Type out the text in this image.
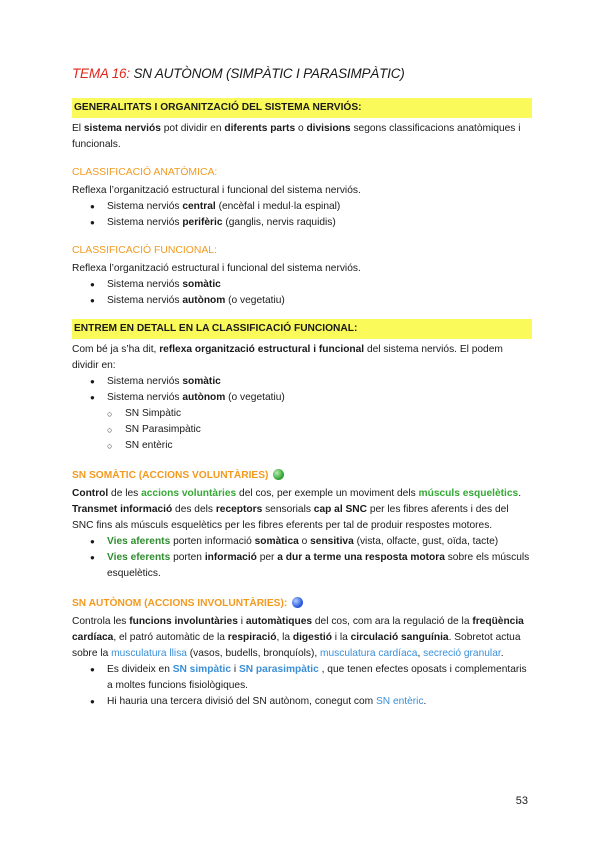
TEMA 16: SN AUTÒNOM (SIMPÀTIC I PARASIMPÀTIC)
GENERALITATS I ORGANITZACIÓ DEL SISTEMA NERVIÓS:

El sistema nerviós pot dividir en diferents parts o divisions segons classificacions anatòmiques i funcionals.

CLASSIFICACIÓ ANATÒMICA:

Reflexa l’organització estructural i funcional del sistema nerviós.

● Sistema nerviós central (encèfal i medul·la espinal)
● Sistema nerviós perifèric (ganglis, nervis raquidis)
CLASSIFICACIÓ FUNCIONAL:

Reflexa l’organització estructural i funcional del sistema nerviós.

● Sistema nerviós somàtic
● Sistema nerviós autònom (o vegetatiu)
ENTREM EN DETALL EN LA CLASSIFICACIÓ FUNCIONAL:

Com bé ja s’ha dit, reflexa organització estructural i funcional del sistema nerviós. El podem dividir en:

● Sistema nerviós somàtic
● Sistema nerviós autònom (o vegetatiu)
○ SN Simpàtic
○ SN Parasimpàtic
○ SN entèric
SN SOMÀTIC (ACCIONS VOLUNTÀRIES)

Control de les accions voluntàries del cos, per exemple un moviment dels músculs esquelètics.

Transmet informació des dels receptors sensorials cap al SNC per les fibres aferents i des del SNC fins als músculs esquelètics per les fibres eferents per tal de produir respostes motores.

● Vies aferents porten informació somàtica o sensitiva (vista, olfacte, gust, oïda, tacte)
● Vies eferents porten informació per a dur a terme una resposta motora sobre els músculs esquelètics.
SN AUTÒNOM (ACCIONS INVOLUNTÀRIES):

Controla les funcions involuntàries i automàtiques del cos, com ara la regulació de la freqüència cardíaca, el patró automàtic de la respiració, la digestió i la circulació sanguínia. Sobretot actua sobre la musculatura llisa (vasos, budells, bronquíols), musculatura cardíaca, secreció granular.

● Es divideix en SN simpàtic i SN parasimpàtic , que tenen efectes oposats i complementaris a moltes funcions fisiològiques.
● Hi hauria una tercera divisió del SN autònom, conegut com SN entèric.
53
